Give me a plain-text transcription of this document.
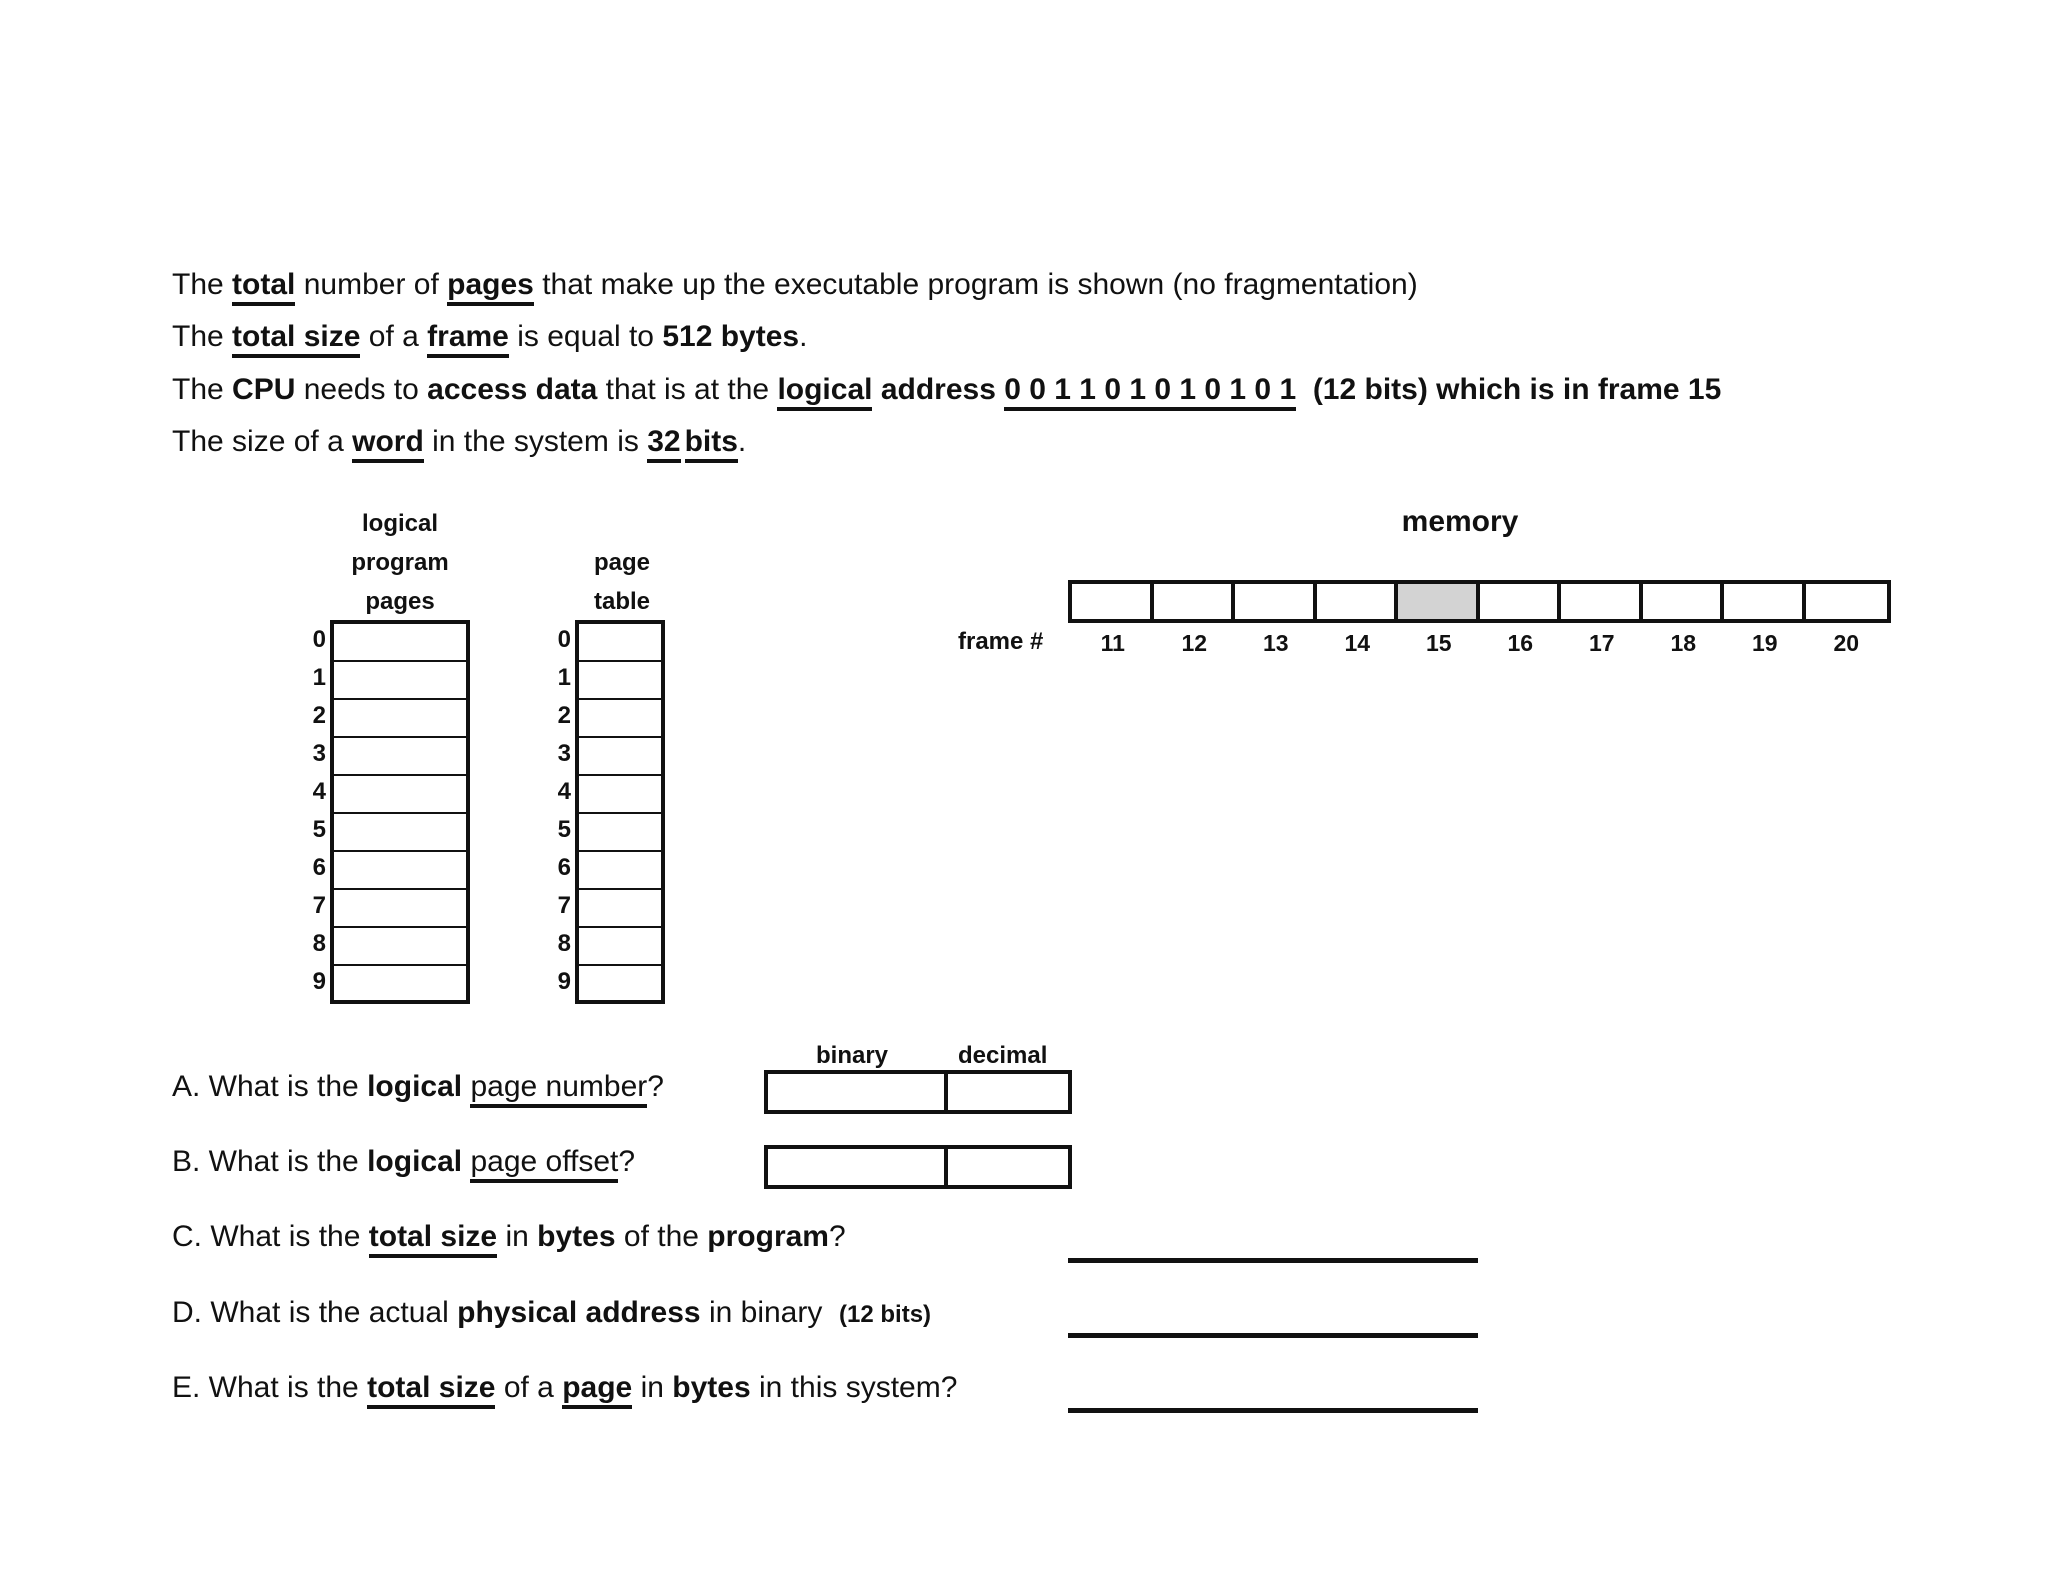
The total number of pages that make up the executable program is shown (no fragmentation)
The total size of a frame is equal to 512 bytes.
The CPU needs to access data that is at the logical address 0 0 1 1 0 1 0 1 0 1 0 1 (12 bits) which is in frame 15
The size of a word in the system is 32 bits.
logical
program
pages
0
1
2
3
4
5
6
7
8
9
page
table
0
1
2
3
4
5
6
7
8
9
memory
frame #	11	12	13	14	15	16	17	18	19	20
binary	decimal
A. What is the logical page number?
B. What is the logical page offset?
C. What is the total size in bytes of the program?
D. What is the actual physical address in binary (12 bits)
E. What is the total size of a page in bytes in this system?
